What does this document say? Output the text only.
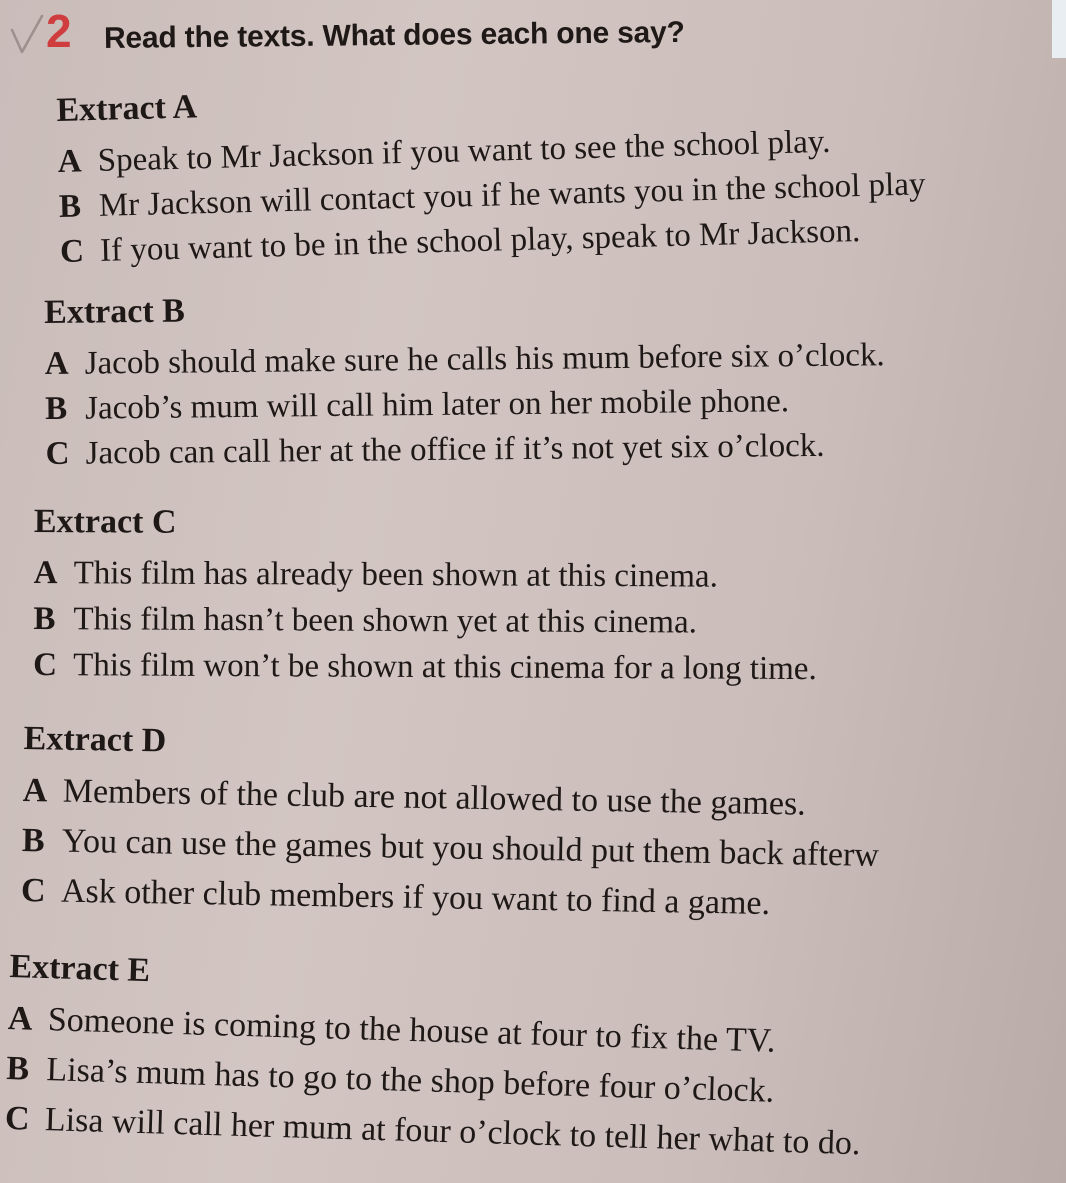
2 Read the texts. What does each one say?
Extract A
A Speak to Mr Jackson if you want to see the school play.
B Mr Jackson will contact you if he wants you in the school play
C If you want to be in the school play, speak to Mr Jackson.
Extract B
A Jacob should make sure he calls his mum before six o’clock.
B Jacob’s mum will call him later on her mobile phone.
C Jacob can call her at the office if it’s not yet six o’clock.
Extract C
A This film has already been shown at this cinema.
B This film hasn’t been shown yet at this cinema.
C This film won’t be shown at this cinema for a long time.
Extract D
A Members of the club are not allowed to use the games.
B You can use the games but you should put them back afterw
C Ask other club members if you want to find a game.
Extract E
A Someone is coming to the house at four to fix the TV.
B Lisa’s mum has to go to the shop before four o’clock.
C Lisa will call her mum at four o’clock to tell her what to do.
